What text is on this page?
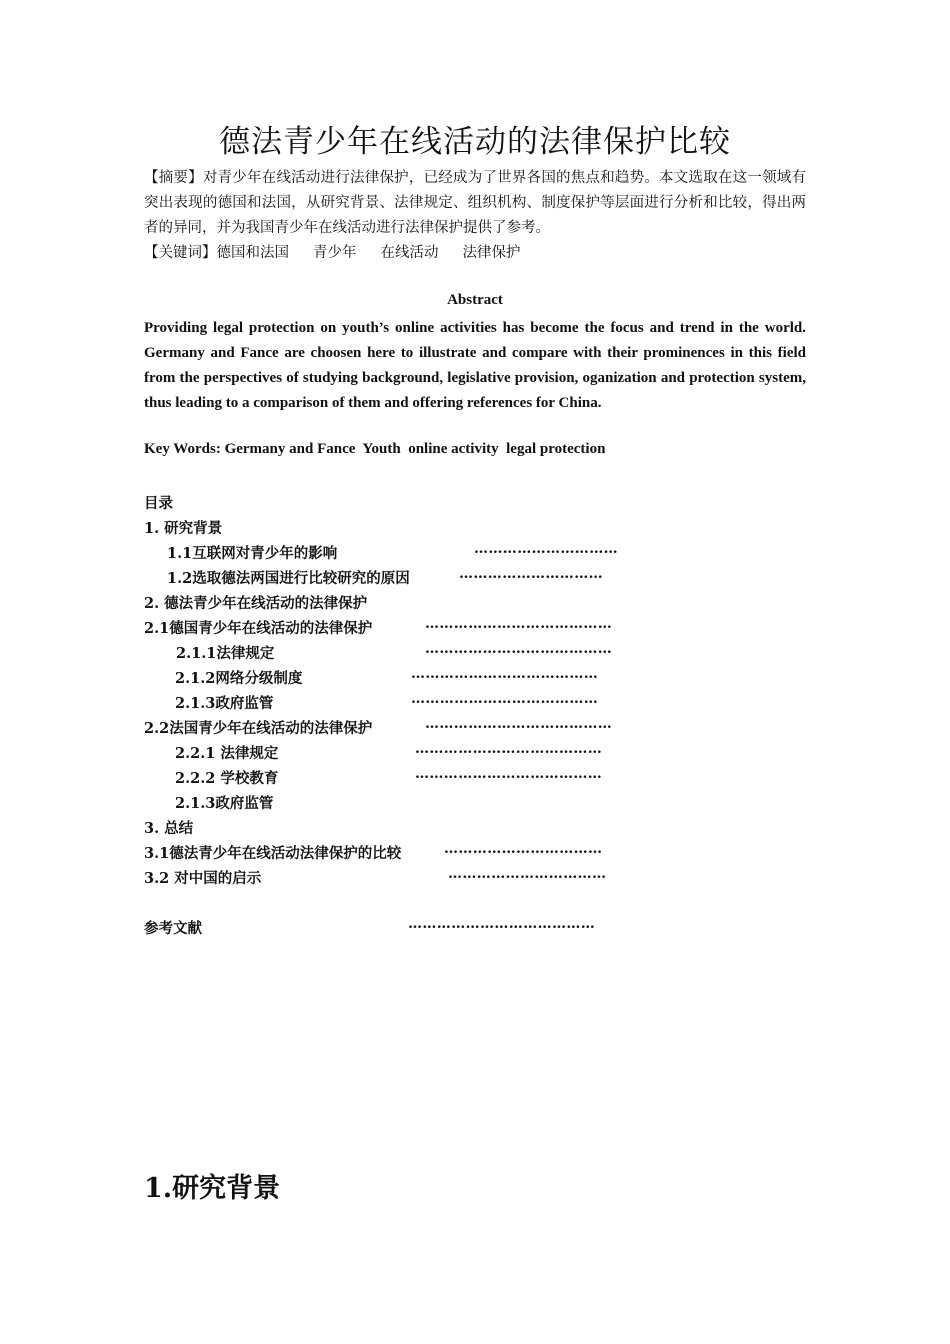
德法青少年在线活动的法律保护比较
【摘要】对青少年在线活动进行法律保护，已经成为了世界各国的焦点和趋势。本文选取在这一领域有突出表现的德国和法国，从研究背景、法律规定、组织机构、制度保护等层面进行分析和比较，得出两者的异同，并为我国青少年在线活动进行法律保护提供了参考。
【关键词】德国和法国 青少年 在线活动 法律保护
Abstract
Providing legal protection on youth’s online activities has become the focus and trend in the world. Germany and Fance are choosen here to illustrate and compare with their prominences in this field from the perspectives of studying background, legislative provision, oganization and protection system, thus leading to a comparison of them and offering references for China.
Key Words: Germany and Fance Youth online activity legal protection
目录
1. 研究背景
1.1互联网对青少年的影响	…………………………
1.2选取德法两国进行比较研究的原因	…………………………
2. 德法青少年在线活动的法律保护
2.1德国青少年在线活动的法律保护	…………………………………
2.1.1法律规定	…………………………………
2.1.2网络分级制度	…………………………………
2.1.3政府监管	…………………………………
2.2法国青少年在线活动的法律保护	…………………………………
2.2.1 法律规定	…………………………………
2.2.2 学校教育	…………………………………
2.1.3政府监管
3. 总结
3.1德法青少年在线活动法律保护的比较	……………………………
3.2 对中国的启示	……………………………
参考文献	…………………………………
1.研究背景
